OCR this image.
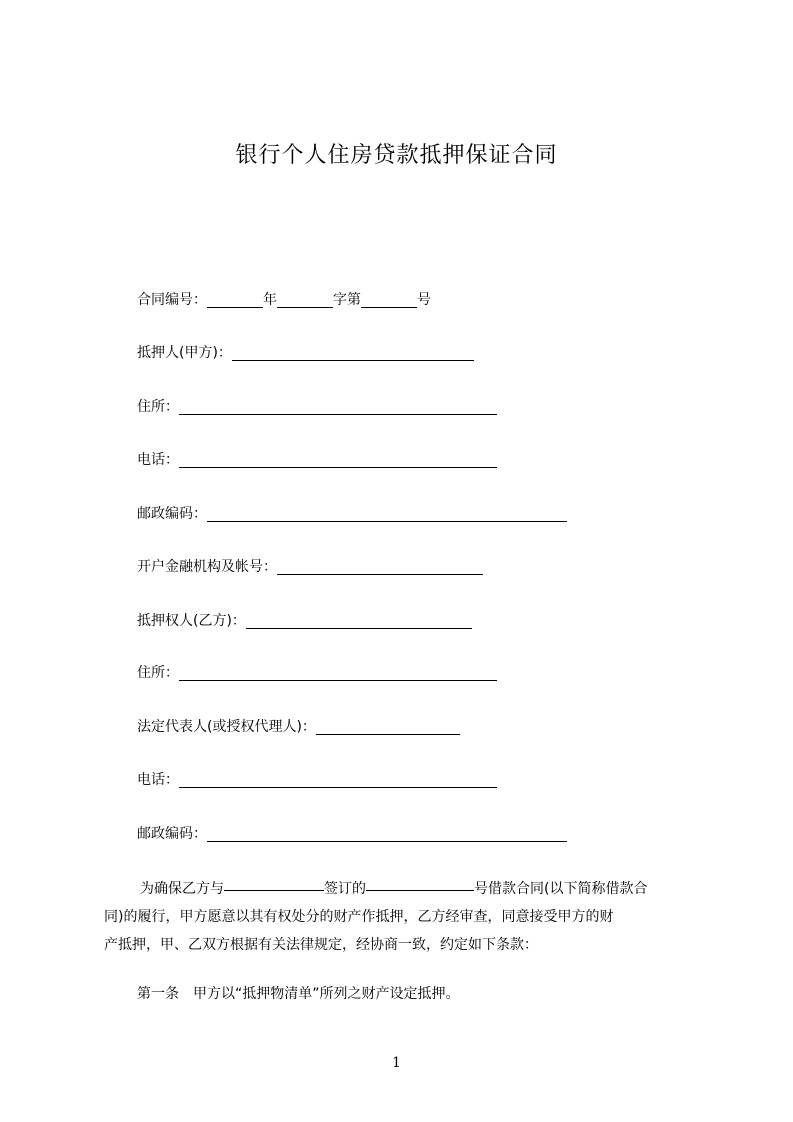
银行个人住房贷款抵押保证合同
合同编号：	年	字第	号
抵押人(甲方)：
住所：
电话：
邮政编码：
开户金融机构及帐号：
抵押权人(乙方)：
住所：
法定代表人(或授权代理人)：
电话：
邮政编码：
为确保乙方与	签订的	号借款合同(以下简称借款合
同)的履行，甲方愿意以其有权处分的财产作抵押，乙方经审查，同意接受甲方的财
产抵押，甲、乙双方根据有关法律规定，经协商一致，约定如下条款：
第一条 甲方以“抵押物清单”所列之财产设定抵押。
1
